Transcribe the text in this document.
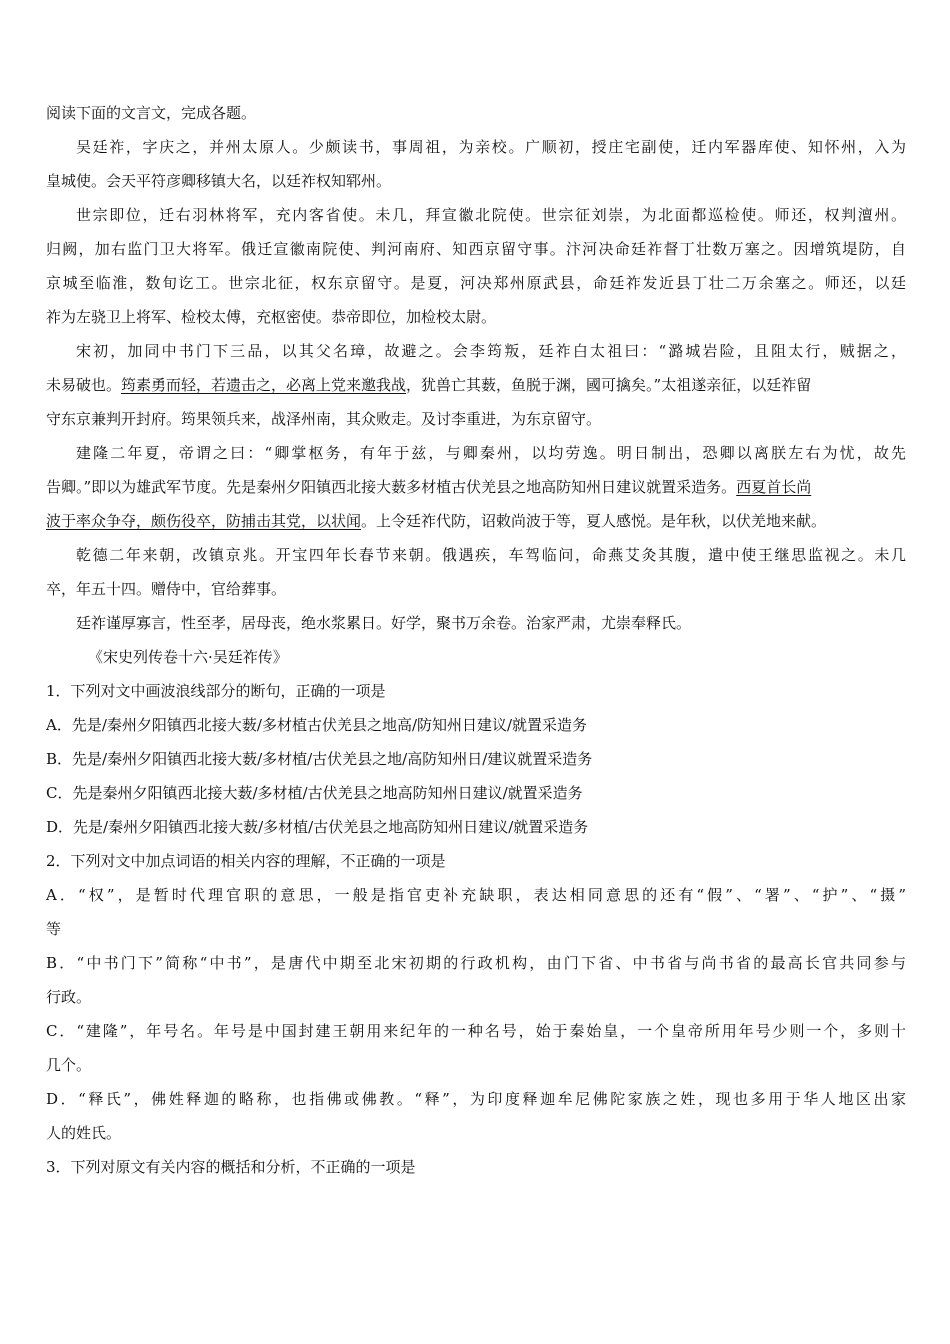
阅读下面的文言文，完成各题。
吴廷祚，字庆之，并州太原人。少颇读书，事周祖，为亲校。广顺初，授庄宅副使，迁内军器库使、知怀州，入为
皇城使。会天平符彦卿移镇大名，以廷祚权知郓州。
世宗即位，迁右羽林将军，充内客省使。未几，拜宣徽北院使。世宗征刘崇，为北面都巡检使。师还，权判澶州。
归阙，加右监门卫大将军。俄迁宣徽南院使、判河南府、知西京留守事。汴河决命廷祚督丁壮数万塞之。因增筑堤防，自
京城至临淮，数旬讫工。世宗北征，权东京留守。是夏，河决郑州原武县，命廷祚发近县丁壮二万余塞之。师还，以廷
祚为左骁卫上将军、检校太傅，充枢密使。恭帝即位，加检校太尉。
宋初，加同中书门下三品，以其父名璋，故避之。会李筠叛，廷祚白太祖曰：“潞城岩险，且阻太行，贼据之，
未易破也。筠素勇而轻，若遗击之，必离上党来邀我战，犹兽亡其薮，鱼脱于渊，國可擒矣。”太祖遂亲征，以廷祚留
守东京兼判开封府。筠果领兵来，战泽州南，其众败走。及讨李重进，为东京留守。
建隆二年夏，帝谓之曰：“卿掌枢务，有年于兹，与卿秦州，以均劳逸。明日制出，恐卿以离朕左右为忧，故先
告卿。”即以为雄武军节度。先是秦州夕阳镇西北接大薮多材植古伏羌县之地高防知州日建议就置采造务。西夏首长尚
波于率众争夺，颇伤役卒，防捕击其党，以状闻。上令廷祚代防，诏敕尚波于等，夏人感悦。是年秋，以伏羌地来献。
乾德二年来朝，改镇京兆。开宝四年长春节来朝。俄遇疾，车驾临问，命燕艾灸其腹，遣中使王继思监视之。未几
卒，年五十四。赠侍中，官给葬事。
廷祚谨厚寡言，性至孝，居母丧，绝水浆累日。好学，聚书万余卷。治家严肃，尤崇奉释氏。
《宋史列传卷十六·吴廷祚传》
1．下列对文中画波浪线部分的断句，正确的一项是
A．先是/秦州夕阳镇西北接大薮/多材植古伏羌县之地高/防知州日建议/就置采造务
B．先是/秦州夕阳镇西北接大薮/多材植/古伏羌县之地/高防知州日/建议就置采造务
C．先是秦州夕阳镇西北接大薮/多材植/古伏羌县之地高防知州日建议/就置采造务
D．先是/秦州夕阳镇西北接大薮/多材植/古伏羌县之地高防知州日建议/就置采造务
2．下列对文中加点词语的相关内容的理解，不正确的一项是
A．“权”，是暂时代理官职的意思，一般是指官吏补充缺职，表达相同意思的还有“假”、“署”、“护”、“摄”
等
B．“中书门下”简称“中书”，是唐代中期至北宋初期的行政机构，由门下省、中书省与尚书省的最高长官共同参与
行政。
C．“建隆”，年号名。年号是中国封建王朝用来纪年的一种名号，始于秦始皇，一个皇帝所用年号少则一个，多则十
几个。
D．“释氏”，佛姓释迦的略称，也指佛或佛教。“释”，为印度释迦牟尼佛陀家族之姓，现也多用于华人地区出家
人的姓氏。
3．下列对原文有关内容的概括和分析，不正确的一项是
